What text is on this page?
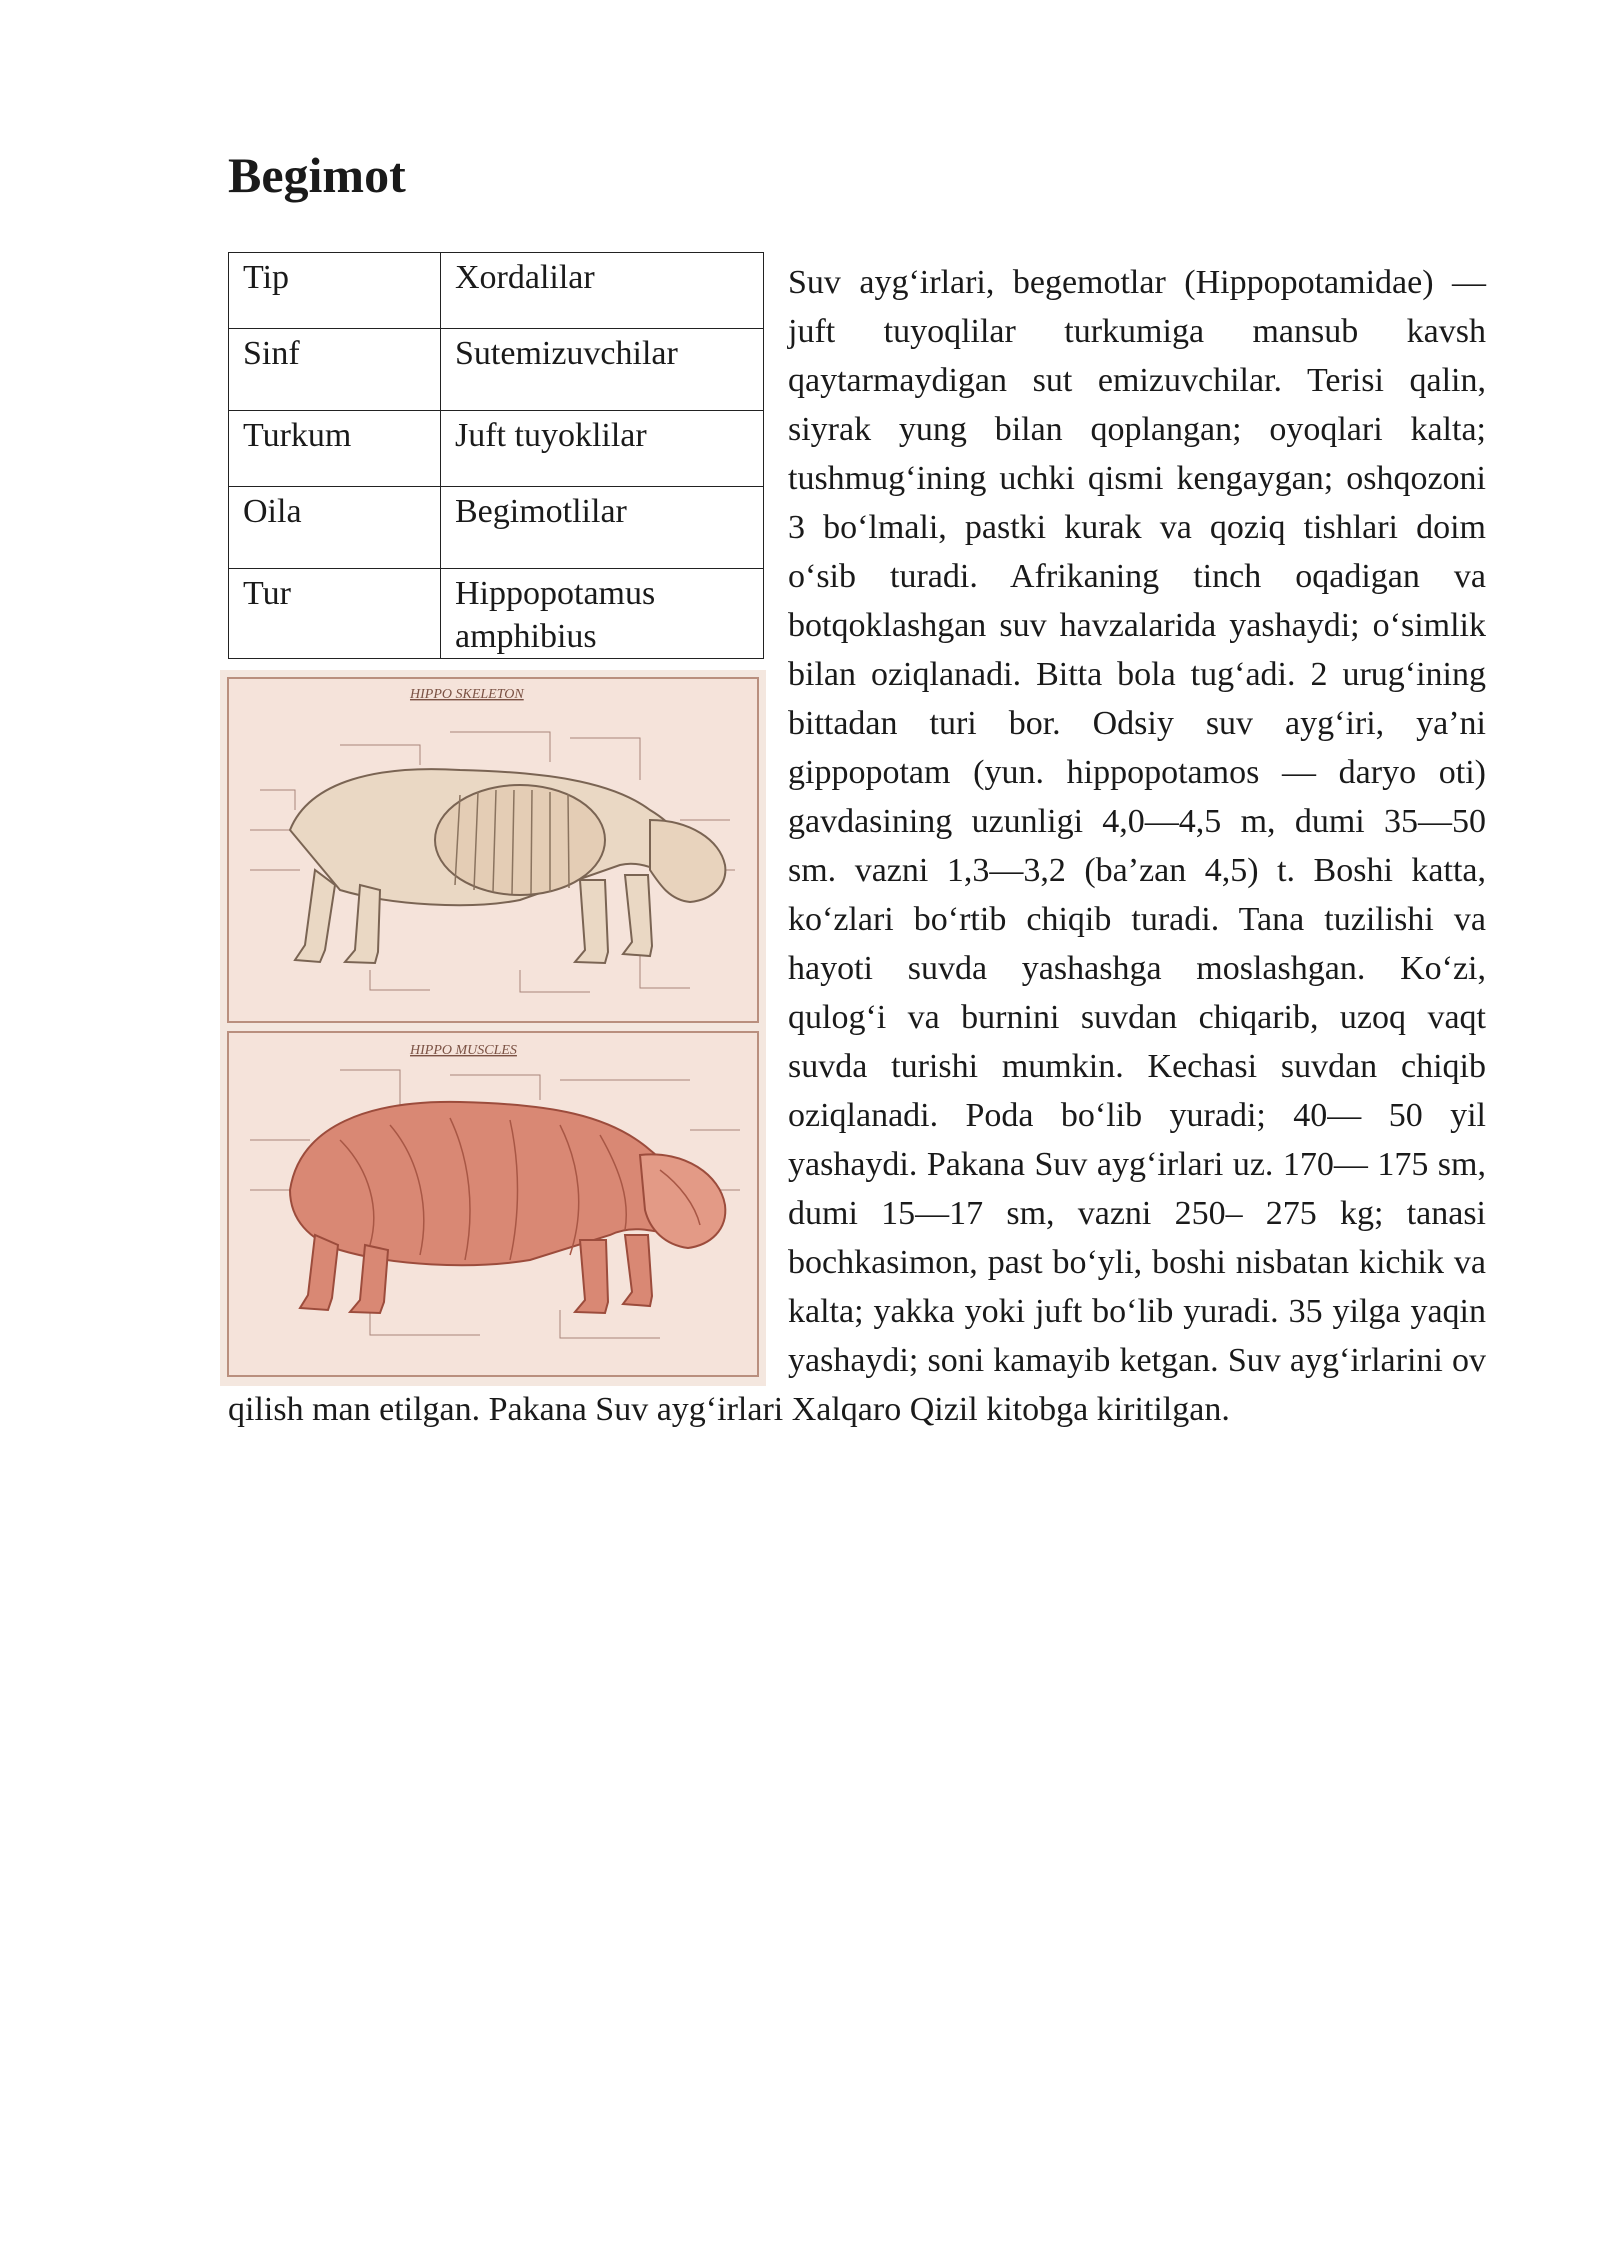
Begimot

Suv ayg‘irlari, begemotlar (Hippopotamidae) — juft tuyoqlilar turkumiga mansub kavsh qaytarmaydigan sut emizuvchilar. Terisi qalin, siyrak yung bilan qoplangan; oyoqlari kalta; tushmug‘ining uchki qismi kengaygan; oshqozoni 3 bo‘lmali, pastki kurak va qoziq tishlari doim o‘sib turadi. Afrikaning tinch oqadigan va botqoklashgan suv havzalarida yashaydi; o‘simlik bilan oziqlanadi. Bitta bola tug‘adi. 2 urug‘ining bittadan turi bor. Odsiy suv ayg‘iri, ya’ni gippopotam (yun. hippopotamos — daryo oti) gavdasining uzunligi 4,0—4,5 m, dumi 35—50 sm. vazni 1,3—3,2 (ba’zan 4,5) t. Boshi katta, ko‘zlari bo‘rtib chiqib turadi. Tana tuzilishi va hayoti suvda yashashga moslashgan. Ko‘zi, qulog‘i va burnini suvdan chiqarib, uzoq vaqt suvda turishi mumkin. Kechasi suvdan chiqib oziqlanadi. Poda bo‘lib yuradi; 40— 50 yil yashaydi. Pakana Suv ayg‘irlari uz. 170— 175 sm, dumi 15—17 sm, vazni 250– 275 kg; tanasi bochkasimon, past bo‘yli, boshi nisbatan kichik va kalta; yakka yoki juft bo‘lib yuradi. 35 yilga yaqin yashaydi; soni kamayib ketgan. Suv ayg‘irlarini ov qilish man etilgan. Pakana Suv ayg‘irlari Xalqaro Qizil kitobga kiritilgan.

Tip	Xordalilar
Sinf	Sutemizuvchilar
Turkum	Juft tuyoklilar
Oila	Begimotlilar
Tur	Hippopotamus amphibius
HIPPO SKELETON
HIPPO MUSCLES
